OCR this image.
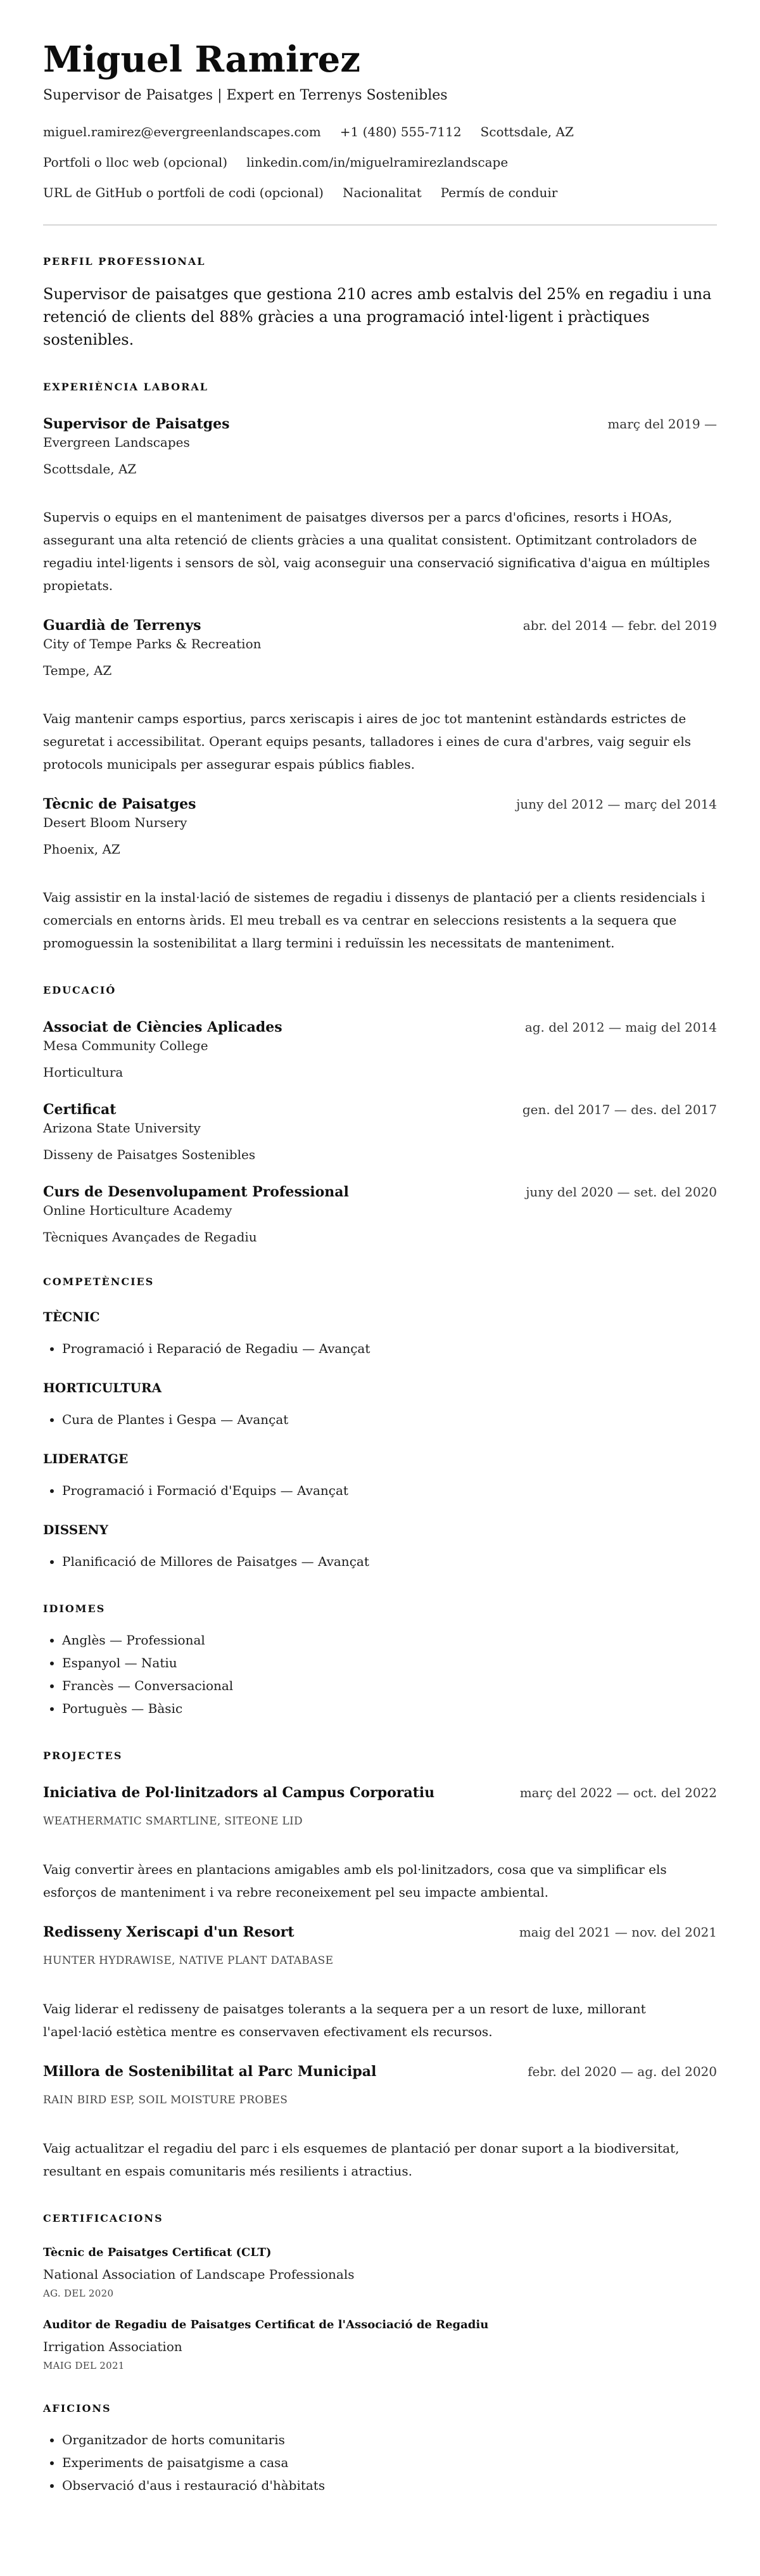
Miguel Ramirez
Supervisor de Paisatges | Expert en Terrenys Sostenibles
miguel.ramirez@evergreenlandscapes.com +1 (480) 555-7112 Scottsdale, AZ
Portfoli o lloc web (opcional) linkedin.com/in/miguelramirezlandscape
URL de GitHub o portfoli de codi (opcional) Nacionalitat Permís de conduir
PERFIL PROFESSIONAL

Supervisor de paisatges que gestiona 210 acres amb estalvis del 25% en regadiu i una retenció de clients del 88% gràcies a una programació intel·ligent i pràctiques sostenibles.

EXPERIÈNCIA LABORAL
Supervisor de Paisatges	març del 2019 —
Evergreen Landscapes
Scottsdale, AZ
Supervis o equips en el manteniment de paisatges diversos per a parcs d'oficines, resorts i HOAs, assegurant una alta retenció de clients gràcies a una qualitat consistent. Optimitzant controladors de regadiu intel·ligents i sensors de sòl, vaig aconseguir una conservació significativa d'aigua en múltiples propietats.
Guardià de Terrenys	abr. del 2014 — febr. del 2019
City of Tempe Parks & Recreation
Tempe, AZ
Vaig mantenir camps esportius, parcs xeriscapis i aires de joc tot mantenint estàndards estrictes de seguretat i accessibilitat. Operant equips pesants, talladores i eines de cura d'arbres, vaig seguir els protocols municipals per assegurar espais públics fiables.
Tècnic de Paisatges	juny del 2012 — març del 2014
Desert Bloom Nursery
Phoenix, AZ
Vaig assistir en la instal·lació de sistemes de regadiu i dissenys de plantació per a clients residencials i comercials en entorns àrids. El meu treball es va centrar en seleccions resistents a la sequera que promoguessin la sostenibilitat a llarg termini i reduïssin les necessitats de manteniment.
EDUCACIÓ
Associat de Ciències Aplicades	ag. del 2012 — maig del 2014
Mesa Community College
Horticultura
Certificat	gen. del 2017 — des. del 2017
Arizona State University
Disseny de Paisatges Sostenibles
Curs de Desenvolupament Professional	juny del 2020 — set. del 2020
Online Horticulture Academy
Tècniques Avançades de Regadiu
COMPETÈNCIES
TÈCNIC
• Programació i Reparació de Regadiu — Avançat
HORTICULTURA
• Cura de Plantes i Gespa — Avançat
LIDERATGE
• Programació i Formació d'Equips — Avançat
DISSENY
• Planificació de Millores de Paisatges — Avançat
IDIOMES
• Anglès — Professional
• Espanyol — Natiu
• Francès — Conversacional
• Portuguès — Bàsic
PROJECTES
Iniciativa de Pol·linitzadors al Campus Corporatiu	març del 2022 — oct. del 2022
WEATHERMATIC SMARTLINE, SITEONE LID
Vaig convertir àrees en plantacions amigables amb els pol·linitzadors, cosa que va simplificar els esforços de manteniment i va rebre reconeixement pel seu impacte ambiental.
Redisseny Xeriscapi d'un Resort	maig del 2021 — nov. del 2021
HUNTER HYDRAWISE, NATIVE PLANT DATABASE
Vaig liderar el redisseny de paisatges tolerants a la sequera per a un resort de luxe, millorant l'apel·lació estètica mentre es conservaven efectivament els recursos.
Millora de Sostenibilitat al Parc Municipal	febr. del 2020 — ag. del 2020
RAIN BIRD ESP, SOIL MOISTURE PROBES
Vaig actualitzar el regadiu del parc i els esquemes de plantació per donar suport a la biodiversitat, resultant en espais comunitaris més resilients i atractius.
CERTIFICACIONS
Tècnic de Paisatges Certificat (CLT)
National Association of Landscape Professionals
AG. DEL 2020
Auditor de Regadiu de Paisatges Certificat de l'Associació de Regadiu
Irrigation Association
MAIG DEL 2021
AFICIONS
• Organitzador de horts comunitaris
• Experiments de paisatgisme a casa
• Observació d'aus i restauració d'hàbitats
